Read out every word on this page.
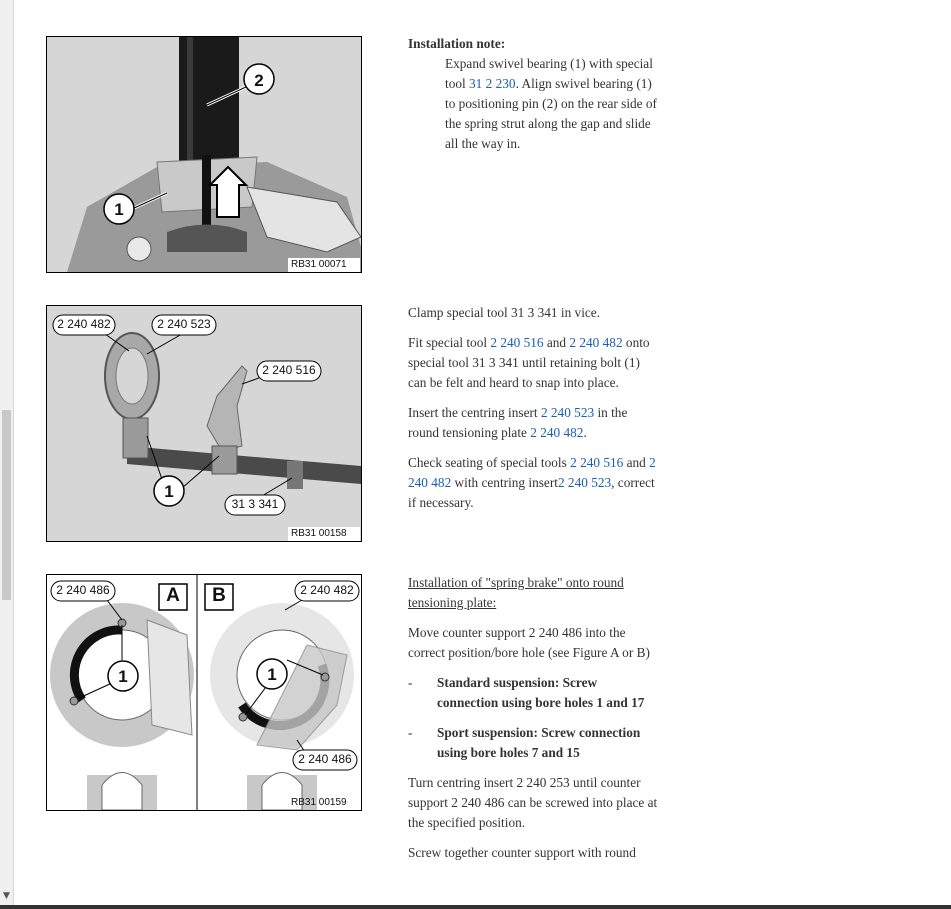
▼
2
1
RB31 00071
2 240 482	2 240 523
2 240 516
1
31 3 341
RB31 00158
2 240 486	A	B	2 240 482
1	1
2 240 486
RB31 00159
Installation note:
Expand swivel bearing (1) with special tool 31 2 230. Align swivel bearing (1) to positioning pin (2) on the rear side of the spring strut along the gap and slide all the way in.

Clamp special tool 31 3 341 in vice.

Fit special tool 2 240 516 and 2 240 482 onto special tool 31 3 341 until retaining bolt (1) can be felt and heard to snap into place.

Insert the centring insert 2 240 523 in the round tensioning plate 2 240 482.

Check seating of special tools 2 240 516 and 2 240 482 with centring insert2 240 523, correct if necessary.

Installation of "spring brake" onto round tensioning plate:

Move counter support 2 240 486 into the correct position/bore hole (see Figure A or B)

-	Standard suspension: Screw connection using bore holes 1 and 17
-	Sport suspension: Screw connection using bore holes 7 and 15

Turn centring insert 2 240 253 until counter support 2 240 486 can be screwed into place at the specified position.

Screw together counter support with round
